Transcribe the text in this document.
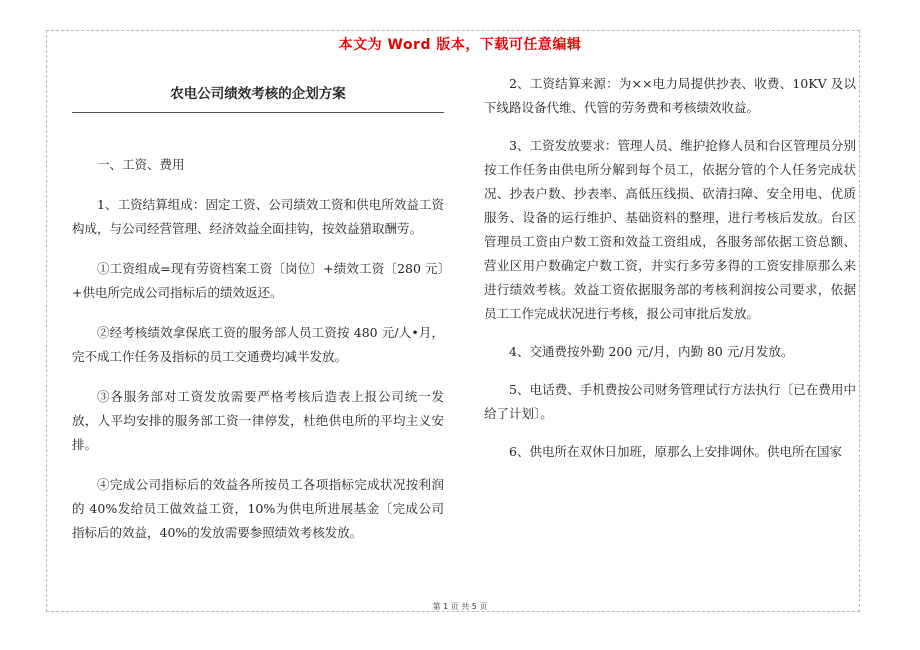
本文为 Word 版本，下载可任意编辑
农电公司绩效考核的企划方案

一、工资、费用

1、工资结算组成：固定工资、公司绩效工资和供电所效益工资构成，与公司经营管理、经济效益全面挂钩，按效益猎取酬劳。

①工资组成=现有劳资档案工资〔岗位〕+绩效工资〔280 元〕+供电所完成公司指标后的绩效返还。

②经考核绩效拿保底工资的服务部人员工资按 480 元/人•月，完不成工作任务及指标的员工交通费均减半发放。

③各服务部对工资发放需要严格考核后造表上报公司统一发放，人平均安排的服务部工资一律停发，杜绝供电所的平均主义安排。

④完成公司指标后的效益各所按员工各项指标完成状况按利润的 40%发给员工做效益工资，10%为供电所进展基金〔完成公司指标后的效益，40%的发放需要参照绩效考核发放。

2、工资结算来源：为××电力局提供抄表、收费、10KV 及以下线路设备代维、代管的劳务费和考核绩效收益。

3、工资发放要求：管理人员、维护抢修人员和台区管理员分别按工作任务由供电所分解到每个员工，依据分管的个人任务完成状况、抄表户数、抄表率、高低压线损、砍清扫障、安全用电、优质服务、设备的运行维护、基础资料的整理，进行考核后发放。台区管理员工资由户数工资和效益工资组成，各服务部依据工资总额、营业区用户数确定户数工资，并实行多劳多得的工资安排原那么来进行绩效考核。效益工资依据服务部的考核利润按公司要求，依据员工工作完成状况进行考核，报公司审批后发放。

4、交通费按外勤 200 元/月，内勤 80 元/月发放。

5、电话费、手机费按公司财务管理试行方法执行〔已在费用中给了计划〕。

6、供电所在双休日加班，原那么上安排调休。供电所在国家

第 1 页 共 5 页
